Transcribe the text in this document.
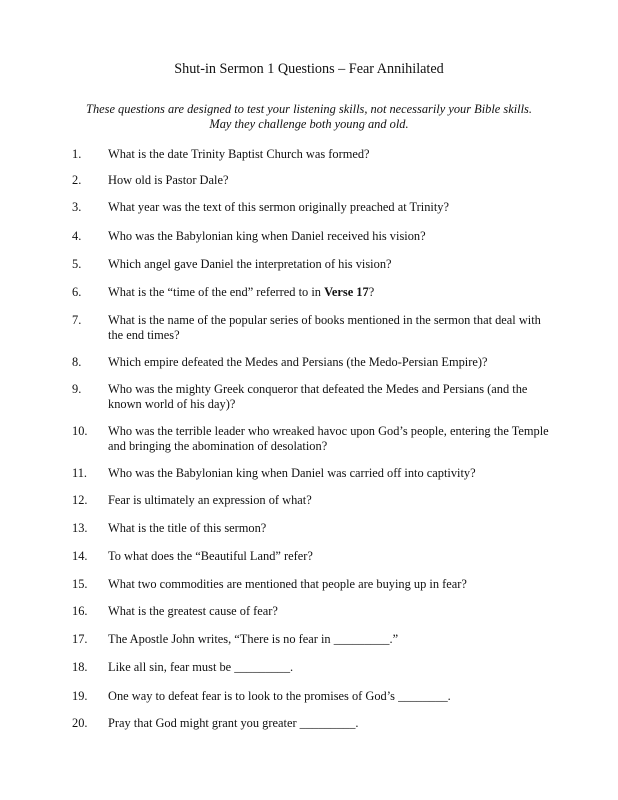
Shut-in Sermon 1 Questions – Fear Annihilated
These questions are designed to test your listening skills, not necessarily your Bible skills.
May they challenge both young and old.
1. What is the date Trinity Baptist Church was formed?
2. How old is Pastor Dale?
3. What year was the text of this sermon originally preached at Trinity?
4. Who was the Babylonian king when Daniel received his vision?
5. Which angel gave Daniel the interpretation of his vision?
6. What is the “time of the end” referred to in Verse 17?
7. What is the name of the popular series of books mentioned in the sermon that deal with
the end times?
8. Which empire defeated the Medes and Persians (the Medo-Persian Empire)?
9. Who was the mighty Greek conqueror that defeated the Medes and Persians (and the
known world of his day)?
10. Who was the terrible leader who wreaked havoc upon God’s people, entering the Temple
and bringing the abomination of desolation?
11. Who was the Babylonian king when Daniel was carried off into captivity?
12. Fear is ultimately an expression of what?
13. What is the title of this sermon?
14. To what does the “Beautiful Land” refer?
15. What two commodities are mentioned that people are buying up in fear?
16. What is the greatest cause of fear?
17. The Apostle John writes, “There is no fear in _________.”
18. Like all sin, fear must be _________.
19. One way to defeat fear is to look to the promises of God’s ________.
20. Pray that God might grant you greater _________.
